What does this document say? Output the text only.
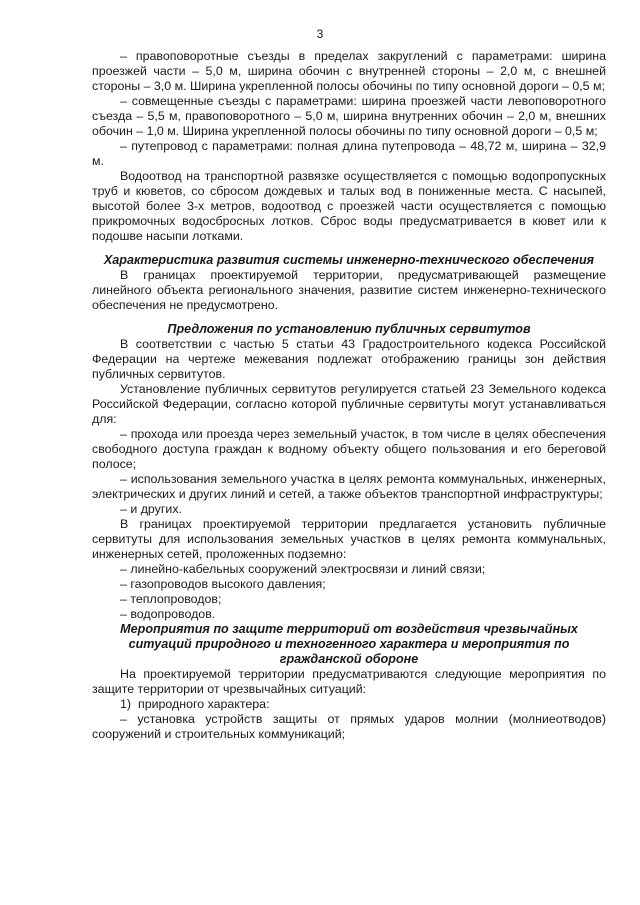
3

– правоповоротные съезды в пределах закруглений с параметрами: ширина проезжей части – 5,0 м, ширина обочин с внутренней стороны – 2,0 м, с внешней стороны – 3,0 м. Ширина укрепленной полосы обочины по типу основной дороги – 0,5 м;

– совмещенные съезды с параметрами: ширина проезжей части левоповоротного съезда – 5,5 м, правоповоротного – 5,0 м, ширина внутренних обочин – 2,0 м, внешних обочин – 1,0 м. Ширина укрепленной полосы обочины по типу основной дороги – 0,5 м;

– путепровод с параметрами: полная длина путепровода – 48,72 м, ширина – 32,9 м.

Водоотвод на транспортной развязке осуществляется с помощью водопропускных труб и кюветов, со сбросом дождевых и талых вод в пониженные места. С насыпей, высотой более 3-х метров, водоотвод с проезжей части осуществляется с помощью прикромочных водосбросных лотков. Сброс воды предусматривается в кювет или к подошве насыпи лотками.

Характеристика развития системы инженерно-технического обеспечения

В границах проектируемой территории, предусматривающей размещение линейного объекта регионального значения, развитие систем инженерно-технического обеспечения не предусмотрено.

Предложения по установлению публичных сервитутов

В соответствии с частью 5 статьи 43 Градостроительного кодекса Российской Федерации на чертеже межевания подлежат отображению границы зон действия публичных сервитутов.

Установление публичных сервитутов регулируется статьей 23 Земельного кодекса Российской Федерации, согласно которой публичные сервитуты могут устанавливаться для:

– прохода или проезда через земельный участок, в том числе в целях обеспечения свободного доступа граждан к водному объекту общего пользования и его береговой полосе;

– использования земельного участка в целях ремонта коммунальных, инженерных, электрических и других линий и сетей, а также объектов транспортной инфраструктуры;

– и других.

В границах проектируемой территории предлагается установить публичные сервитуты для использования земельных участков в целях ремонта коммунальных, инженерных сетей, проложенных подземно:

– линейно-кабельных сооружений электросвязи и линий связи;

– газопроводов высокого давления;

– теплопроводов;

– водопроводов.

Мероприятия по защите территорий от воздействия чрезвычайных ситуаций природного и техногенного характера и мероприятия по гражданской обороне

На проектируемой территории предусматриваются следующие мероприятия по защите территории от чрезвычайных ситуаций:

1) природного характера:

– установка устройств защиты от прямых ударов молнии (молниеотводов) сооружений и строительных коммуникаций;
